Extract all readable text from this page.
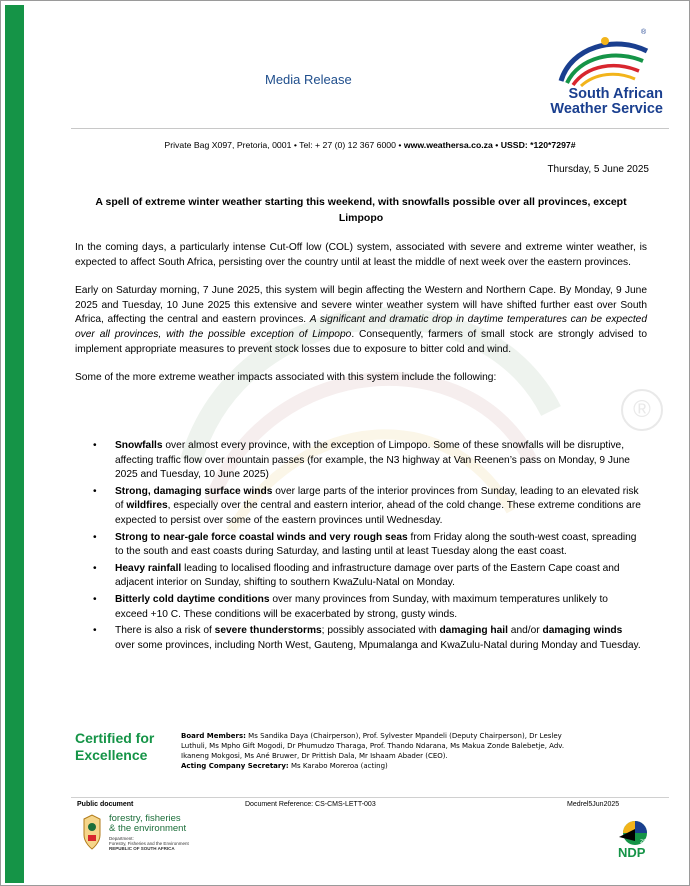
®
Media Release
®
South African
Weather Service
Private Bag X097, Pretoria, 0001 • Tel: + 27 (0) 12 367 6000 • www.weathersa.co.za • USSD: *120*7297#
Thursday, 5 June 2025
A spell of extreme winter weather starting this weekend, with snowfalls possible over all provinces, except Limpopo

In the coming days, a particularly intense Cut-Off low (COL) system, associated with severe and extreme winter weather, is expected to affect South Africa, persisting over the country until at least the middle of next week over the eastern provinces.

Early on Saturday morning, 7 June 2025, this system will begin affecting the Western and Northern Cape. By Monday, 9 June 2025 and Tuesday, 10 June 2025 this extensive and severe winter weather system will have shifted further east over South Africa, affecting the central and eastern provinces. A significant and dramatic drop in daytime temperatures can be expected over all provinces, with the possible exception of Limpopo. Consequently, farmers of small stock are strongly advised to implement appropriate measures to prevent stock losses due to exposure to bitter cold and wind.

Some of the more extreme weather impacts associated with this system include the following:

• Snowfalls over almost every province, with the exception of Limpopo. Some of these snowfalls will be disruptive, affecting traffic flow over mountain passes (for example, the N3 highway at Van Reenen’s pass on Monday, 9 June 2025 and Tuesday, 10 June 2025)
• Strong, damaging surface winds over large parts of the interior provinces from Sunday, leading to an elevated risk of wildfires, especially over the central and eastern interior, ahead of the cold change. These extreme conditions are expected to persist over some of the eastern provinces until Wednesday.
• Strong to near-gale force coastal winds and very rough seas from Friday along the south-west coast, spreading to the south and east coasts during Saturday, and lasting until at least Tuesday along the east coast.
• Heavy rainfall leading to localised flooding and infrastructure damage over parts of the Eastern Cape coast and adjacent interior on Sunday, shifting to southern KwaZulu-Natal on Monday.
• Bitterly cold daytime conditions over many provinces from Sunday, with maximum temperatures unlikely to exceed +10 C. These conditions will be exacerbated by strong, gusty winds.
• There is also a risk of severe thunderstorms; possibly associated with damaging hail and/or damaging winds over some provinces, including North West, Gauteng, Mpumalanga and KwaZulu-Natal during Monday and Tuesday.
Certified for
Excellence
Board Members: Ms Sandika Daya (Chairperson), Prof. Sylvester Mpandeli (Deputy Chairperson), Dr Lesley Luthuli, Ms Mpho Gift Mogodi, Dr Phumudzo Tharaga, Prof. Thando Ndarana, Ms Makua Zonde Balebetje, Adv. Ikaneng Mokgosi, Ms Ané Bruwer, Dr Prittish Dala, Mr Ishaam Abader (CEO).
Acting Company Secretary: Ms Karabo Moreroa (acting)
Public document	Document Reference: CS-CMS-LETT-003	Medrel5Jun2025
forestry, fisheries
& the environment
Department:
Forestry, Fisheries and the Environment
REPUBLIC OF SOUTH AFRICA
2030
NDP
